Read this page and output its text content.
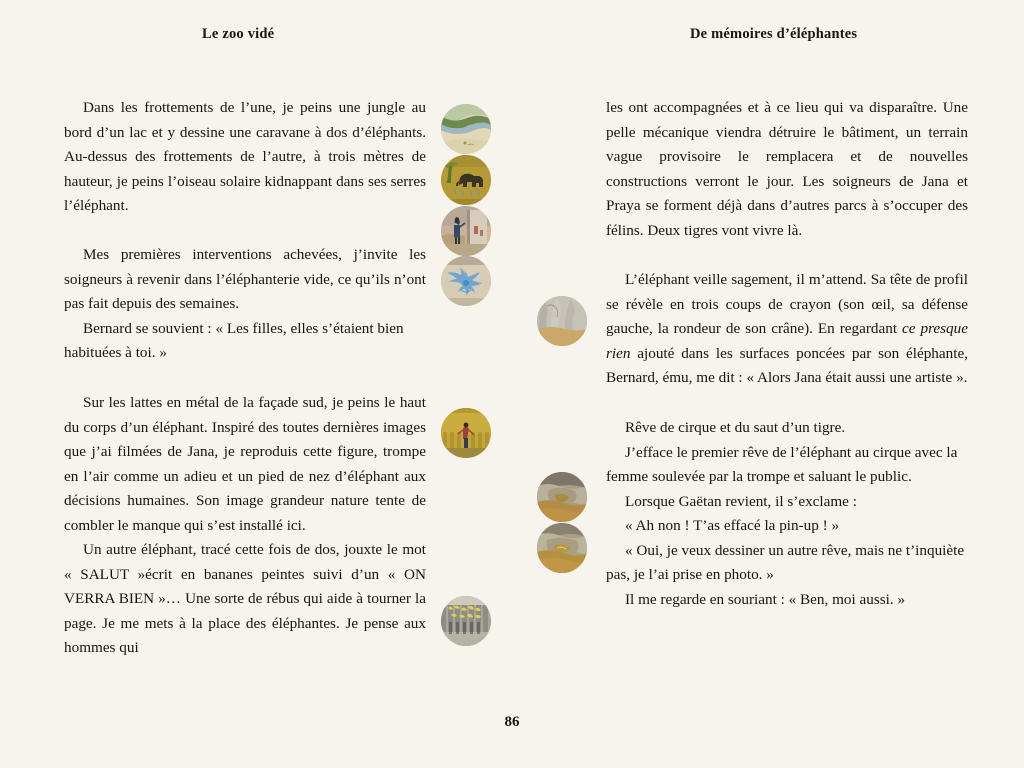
Le zoo vidé	De mémoires d’éléphantes

Dans les frottements de l’une, je peins une jungle au bord d’un lac et y dessine une caravane à dos d’éléphants. Au-dessus des frottements de l’autre, à trois mètres de hauteur, je peins l’oiseau solaire kidnappant dans ses serres l’éléphant.

Mes premières interventions achevées, j’invite les soigneurs à revenir dans l’éléphanterie vide, ce qu’ils n’ont pas fait depuis des semaines.

Bernard se souvient : « Les filles, elles s’étaient bien habituées à toi. »

Sur les lattes en métal de la façade sud, je peins le haut du corps d’un éléphant. Inspiré des toutes dernières images que j’ai filmées de Jana, je reproduis cette figure, trompe en l’air comme un adieu et un pied de nez d’éléphant aux décisions humaines. Son image grandeur nature tente de combler le manque qui s’est installé ici.

Un autre éléphant, tracé cette fois de dos, jouxte le mot « SALUT »écrit en bananes peintes suivi d’un « ON VERRA BIEN »… Une sorte de rébus qui aide à tourner la page. Je me mets à la place des éléphantes. Je pense aux hommes qui

les ont accompagnées et à ce lieu qui va disparaître. Une pelle mécanique viendra détruire le bâtiment, un terrain vague provisoire le remplacera et de nouvelles constructions verront le jour. Les soigneurs de Jana et Praya se forment déjà dans d’autres parcs à s’occuper des félins. Deux tigres vont vivre là.

L’éléphant veille sagement, il m’attend. Sa tête de profil se révèle en trois coups de crayon (son œil, sa défense gauche, la rondeur de son crâne). En regardant ce presque rien ajouté dans les surfaces poncées par son éléphante, Bernard, ému, me dit : « Alors Jana était aussi une artiste ».

Rêve de cirque et du saut d’un tigre.

J’efface le premier rêve de l’éléphant au cirque avec la femme soulevée par la trompe et saluant le public.

Lorsque Gaëtan revient, il s’exclame :

« Ah non ! T’as effacé la pin-up ! »

« Oui, je veux dessiner un autre rêve, mais ne t’inquiète pas, je l’ai prise en photo. »

Il me regarde en souriant : « Ben, moi aussi. »

86
